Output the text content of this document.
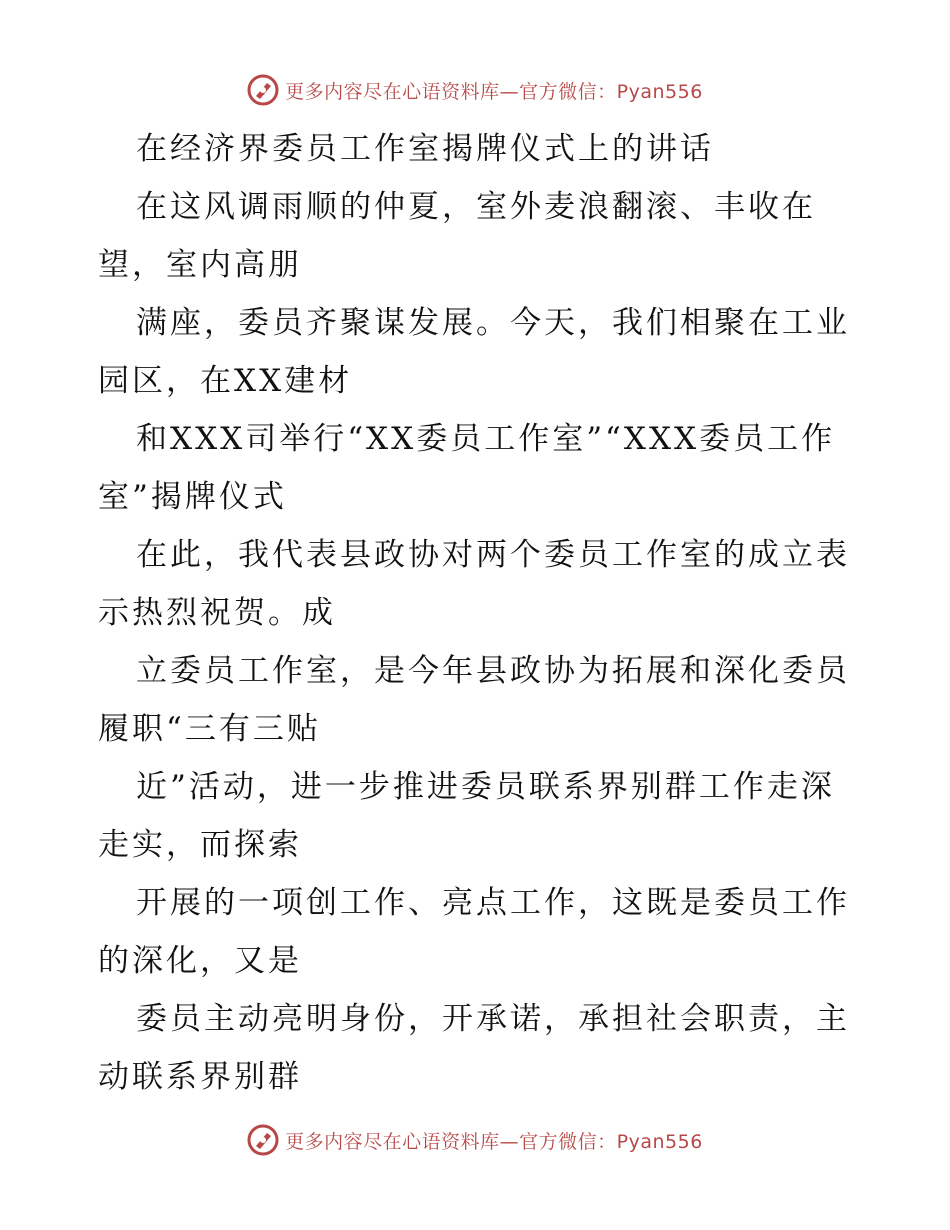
更多内容尽在心语资料库—官方微信：Pyan556

在经济界委员工作室揭牌仪式上的讲话

在这风调雨顺的仲夏，室外麦浪翻滚、丰收在望，室内高朋

满座，委员齐聚谋发展。今天，我们相聚在工业园区，在XX建材

和XXX司举行“XX委员工作室”“XXX委员工作室”揭牌仪式

在此，我代表县政协对两个委员工作室的成立表示热烈祝贺。成

立委员工作室，是今年县政协为拓展和深化委员履职“三有三贴

近”活动，进一步推进委员联系界别群工作走深走实，而探索

开展的一项创工作、亮点工作，这既是委员工作的深化，又是

委员主动亮明身份，开承诺，承担社会职责，主动联系界别群

更多内容尽在心语资料库—官方微信：Pyan556
